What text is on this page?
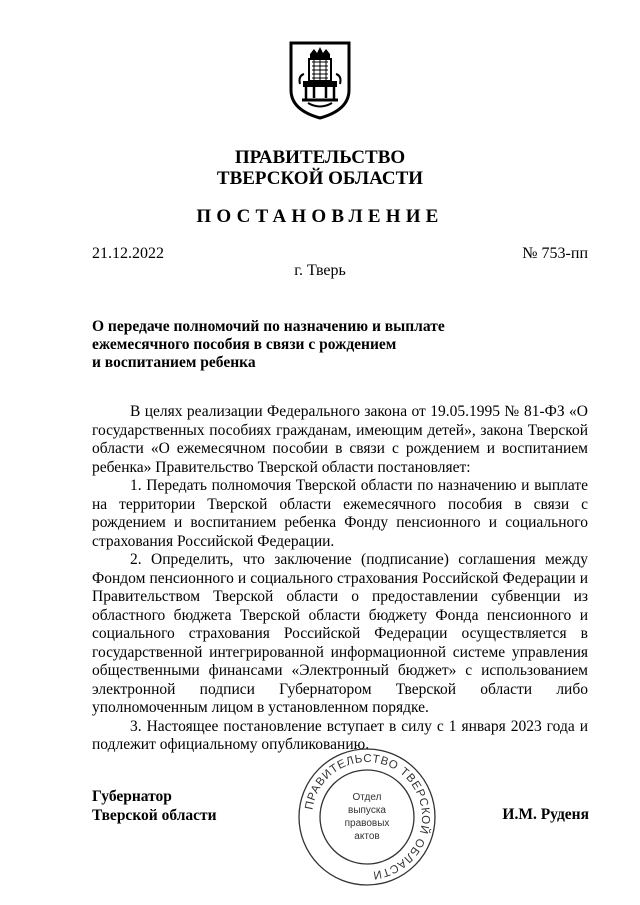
ПРАВИТЕЛЬСТВО
ТВЕРСКОЙ ОБЛАСТИ
ПОСТАНОВЛЕНИЕ
21.12.2022	№ 753-пп
г. Тверь
О передаче полномочий по назначению и выплате
ежемесячного пособия в связи с рождением
и воспитанием ребенка

В целях реализации Федерального закона от 19.05.1995 № 81-ФЗ «О государственных пособиях гражданам, имеющим детей», закона Тверской области «О ежемесячном пособии в связи с рождением и воспитанием ребенка» Правительство Тверской области постановляет:

1. Передать полномочия Тверской области по назначению и выплате на территории Тверской области ежемесячного пособия в связи с рождением и воспитанием ребенка Фонду пенсионного и социального страхования Российской Федерации.

2. Определить, что заключение (подписание) соглашения между Фондом пенсионного и социального страхования Российской Федерации и Правительством Тверской области о предоставлении субвенции из областного бюджета Тверской области бюджету Фонда пенсионного и социального страхования Российской Федерации осуществляется в государственной интегрированной информационной системе управления общественными финансами «Электронный бюджет» с использованием электронной подписи Губернатором Тверской области либо уполномоченным лицом в установленном порядке.

3. Настоящее постановление вступает в силу с 1 января 2023 года и подлежит официальному опубликованию.

Губернатор
Тверской области	И.М. Руденя
ПРАВИТЕЛЬСТВО ТВЕРСКОЙ ОБЛАСТИ
Отдел
выпуска
правовых
актов
